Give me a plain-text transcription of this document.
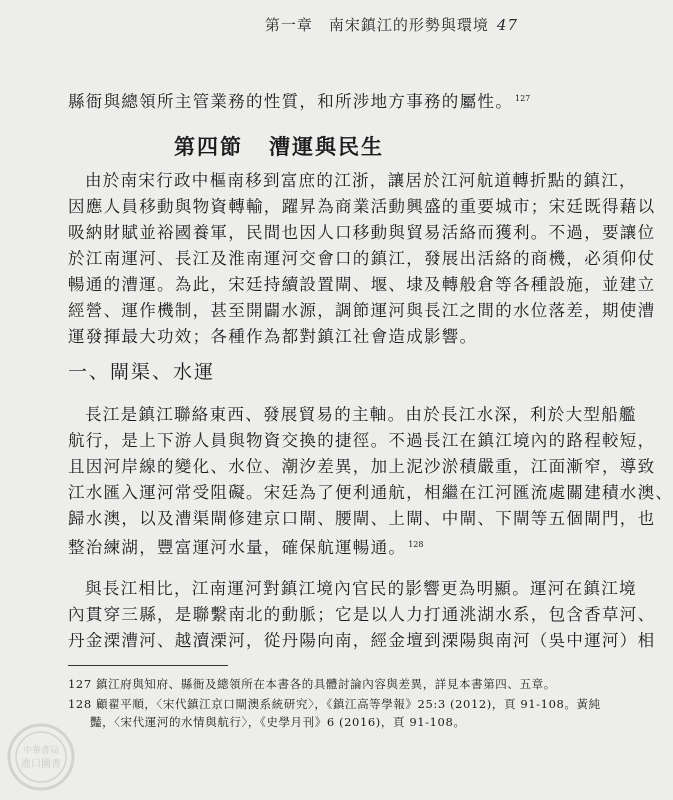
第一章　南宋鎮江的形勢與環境 47
縣衙與總領所主管業務的性質，和所涉地方事務的屬性。 $^{127}$
第四節 漕運與民生
由於南宋行政中樞南移到富庶的江浙，讓居於江河航道轉折點的鎮江，
因應人員移動與物資轉輸，躍昇為商業活動興盛的重要城市；宋廷既得藉以
吸納財賦並裕國養軍，民間也因人口移動與貿易活絡而獲利。不過，要讓位
於江南運河、長江及淮南運河交會口的鎮江，發展出活絡的商機，必須仰仗
暢通的漕運。為此，宋廷持續設置閘、堰、埭及轉般倉等各種設施，並建立
經營、運作機制，甚至開闢水源，調節運河與長江之間的水位落差，期使漕
運發揮最大功效；各種作為都對鎮江社會造成影響。
一、閘渠、水運
長江是鎮江聯絡東西、發展貿易的主軸。由於長江水深，利於大型船艦
航行，是上下游人員與物資交換的捷徑。不過長江在鎮江境內的路程較短，
且因河岸線的變化、水位、潮汐差異，加上泥沙淤積嚴重，江面漸窄，導致
江水匯入運河常受阻礙。宋廷為了便利通航，相繼在江河匯流處關建積水澳、
歸水澳，以及漕渠閘修建京口閘、腰閘、上閘、中閘、下閘等五個閘門，也
整治練湖，豐富運河水量，確保航運暢通。 $^{128}$
與長江相比，江南運河對鎮江境內官民的影響更為明顯。運河在鎮江境
內貫穿三縣，是聯繫南北的動脈；它是以人力打通洮湖水系，包含香草河、
丹金溧漕河、越瀆溧河，從丹陽向南，經金壇到溧陽與南河（吳中運河）相
127 鎮江府與知府、縣衙及總領所在本書各的具體討論內容與差異，詳見本書第四、五章。
128 顧翟平順，〈宋代鎮江京口閘澳系統研究〉，《鎮江高等學報》25:3 (2012)，頁 91-108。黃純
豔，〈宋代運河的水情與航行〉，《史學月刊》6 (2016)，頁 91-108。
中華書局
進口圖書
